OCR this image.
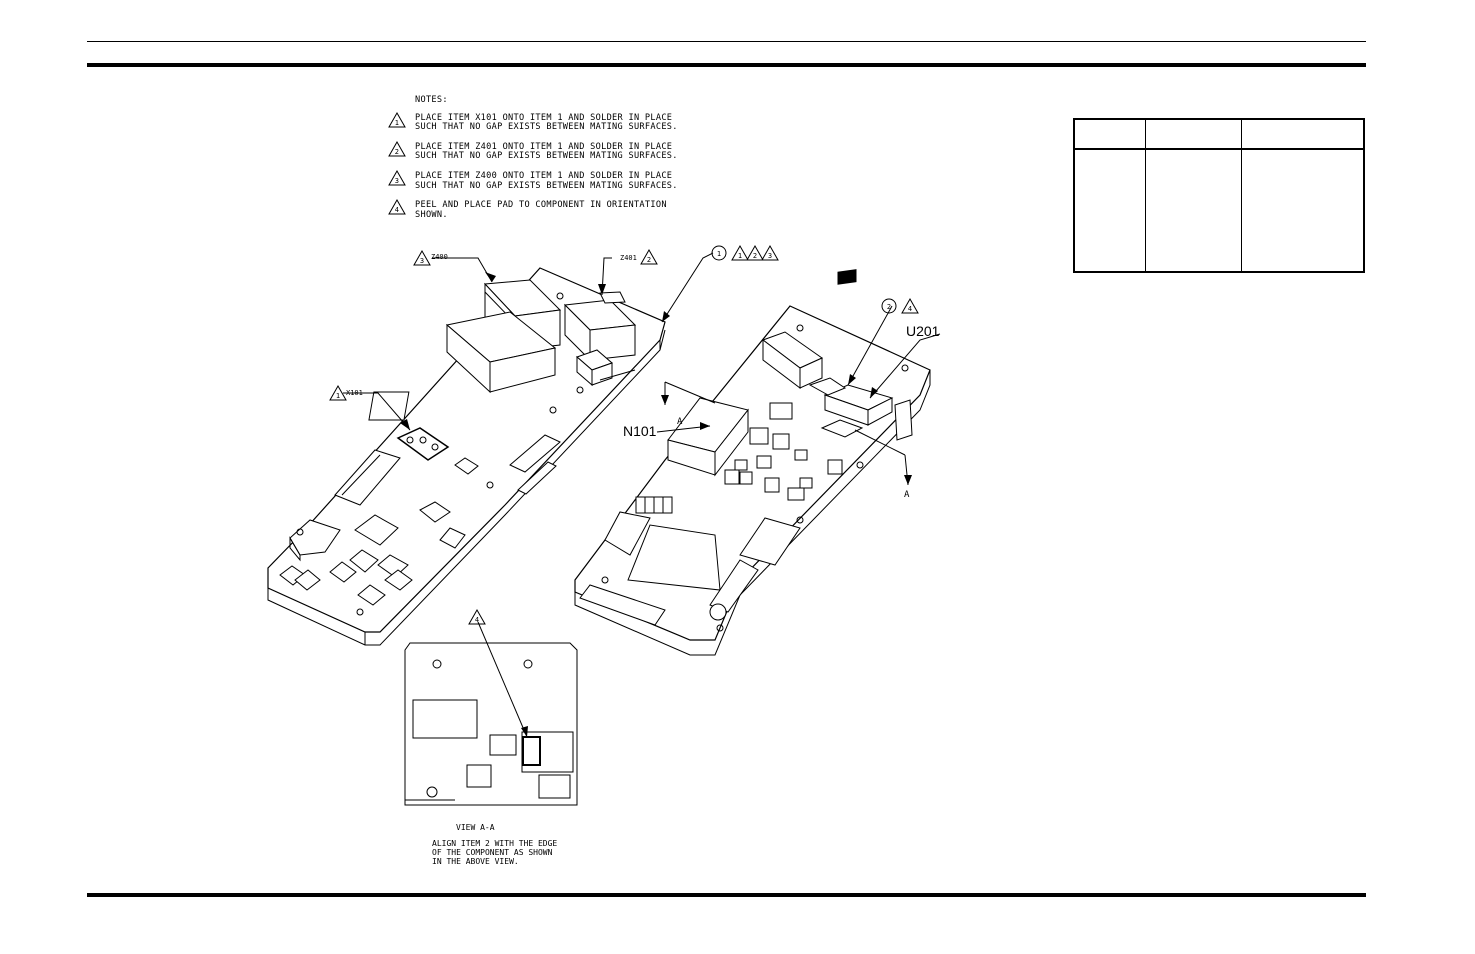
NOTES:
1 PLACE ITEM X101 ONTO ITEM 1 AND SOLDER IN PLACE
SUCH THAT NO GAP EXISTS BETWEEN MATING SURFACES.
2 PLACE ITEM Z401 ONTO ITEM 1 AND SOLDER IN PLACE
SUCH THAT NO GAP EXISTS BETWEEN MATING SURFACES.
3 PLACE ITEM Z400 ONTO ITEM 1 AND SOLDER IN PLACE
SUCH THAT NO GAP EXISTS BETWEEN MATING SURFACES.
4 PEEL AND PLACE PAD TO COMPONENT IN ORIENTATION
SHOWN.
3	2	1 2 3
1
4
4
1
2
Z400	Z401
X101
U201
N101
A
A
VIEW A-A
ALIGN ITEM 2 WITH THE EDGE
OF THE COMPONENT AS SHOWN
IN THE ABOVE VIEW.
